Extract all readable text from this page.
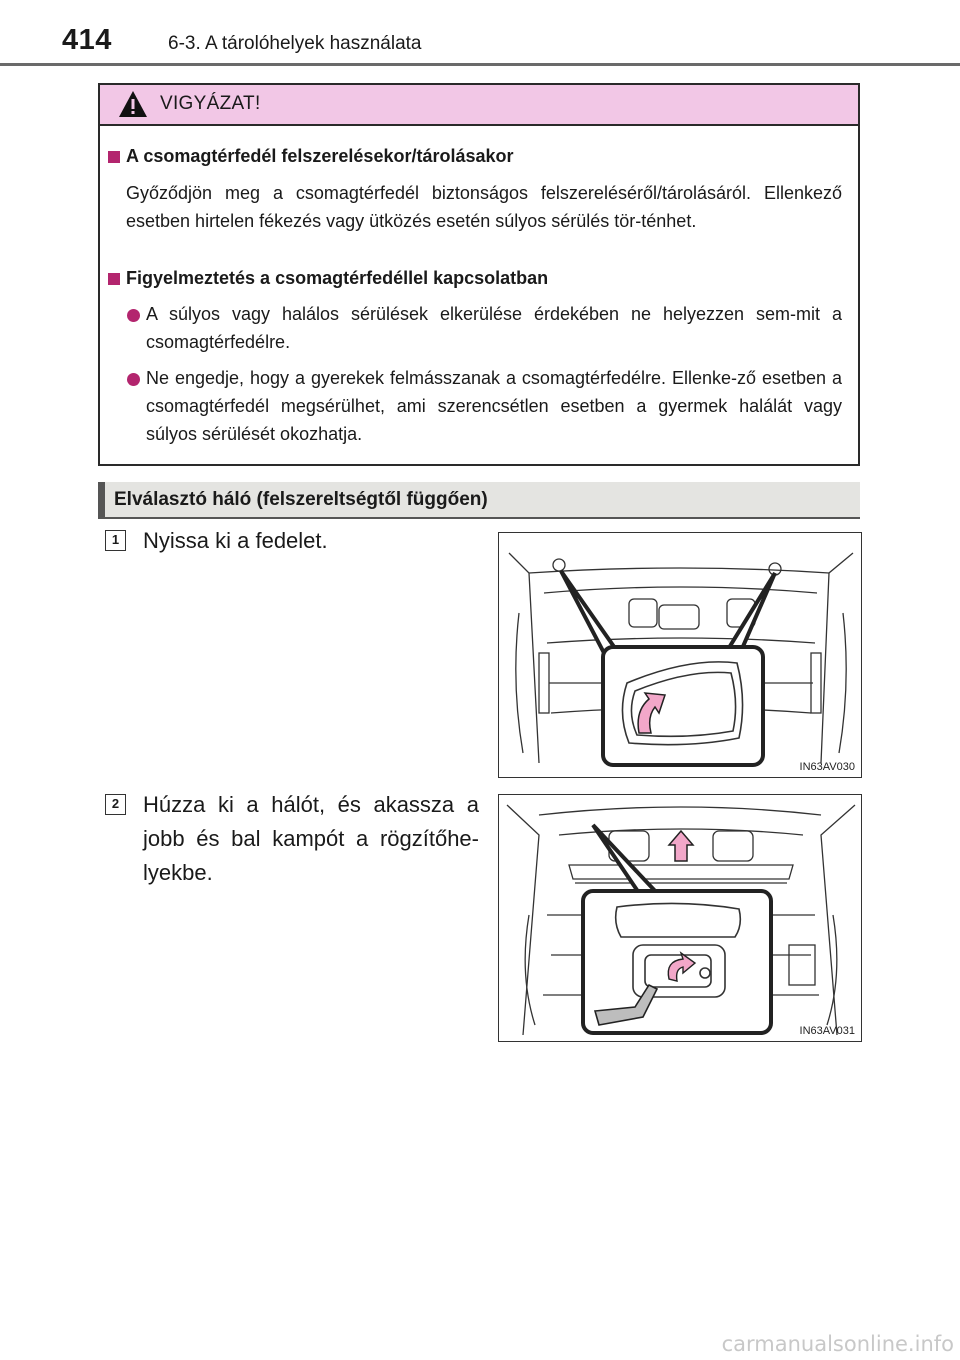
414	6-3. A tárolóhelyek használata
VIGYÁZAT!
A csomagtérfedél felszerelésekor/tárolásakor
Győződjön meg a csomagtérfedél biztonságos felszereléséről/tárolásáról. Ellenkező esetben hirtelen fékezés vagy ütközés esetén súlyos sérülés tör-ténhet.
Figyelmeztetés a csomagtérfedéllel kapcsolatban
A súlyos vagy halálos sérülések elkerülése érdekében ne helyezzen sem-mit a csomagtérfedélre.
Ne engedje, hogy a gyerekek felmásszanak a csomagtérfedélre. Ellenke-ző esetben a csomagtérfedél megsérülhet, ami szerencsétlen esetben a gyermek halálát vagy súlyos sérülését okozhatja.
Elválasztó háló (felszereltségtől függően)
1	Nyissa ki a fedelet.
IN63AV030
2	Húzza ki a hálót, és akassza a jobb és bal kampót a rögzítőhe-lyekbe.
IN63AV031
carmanualsonline.info
